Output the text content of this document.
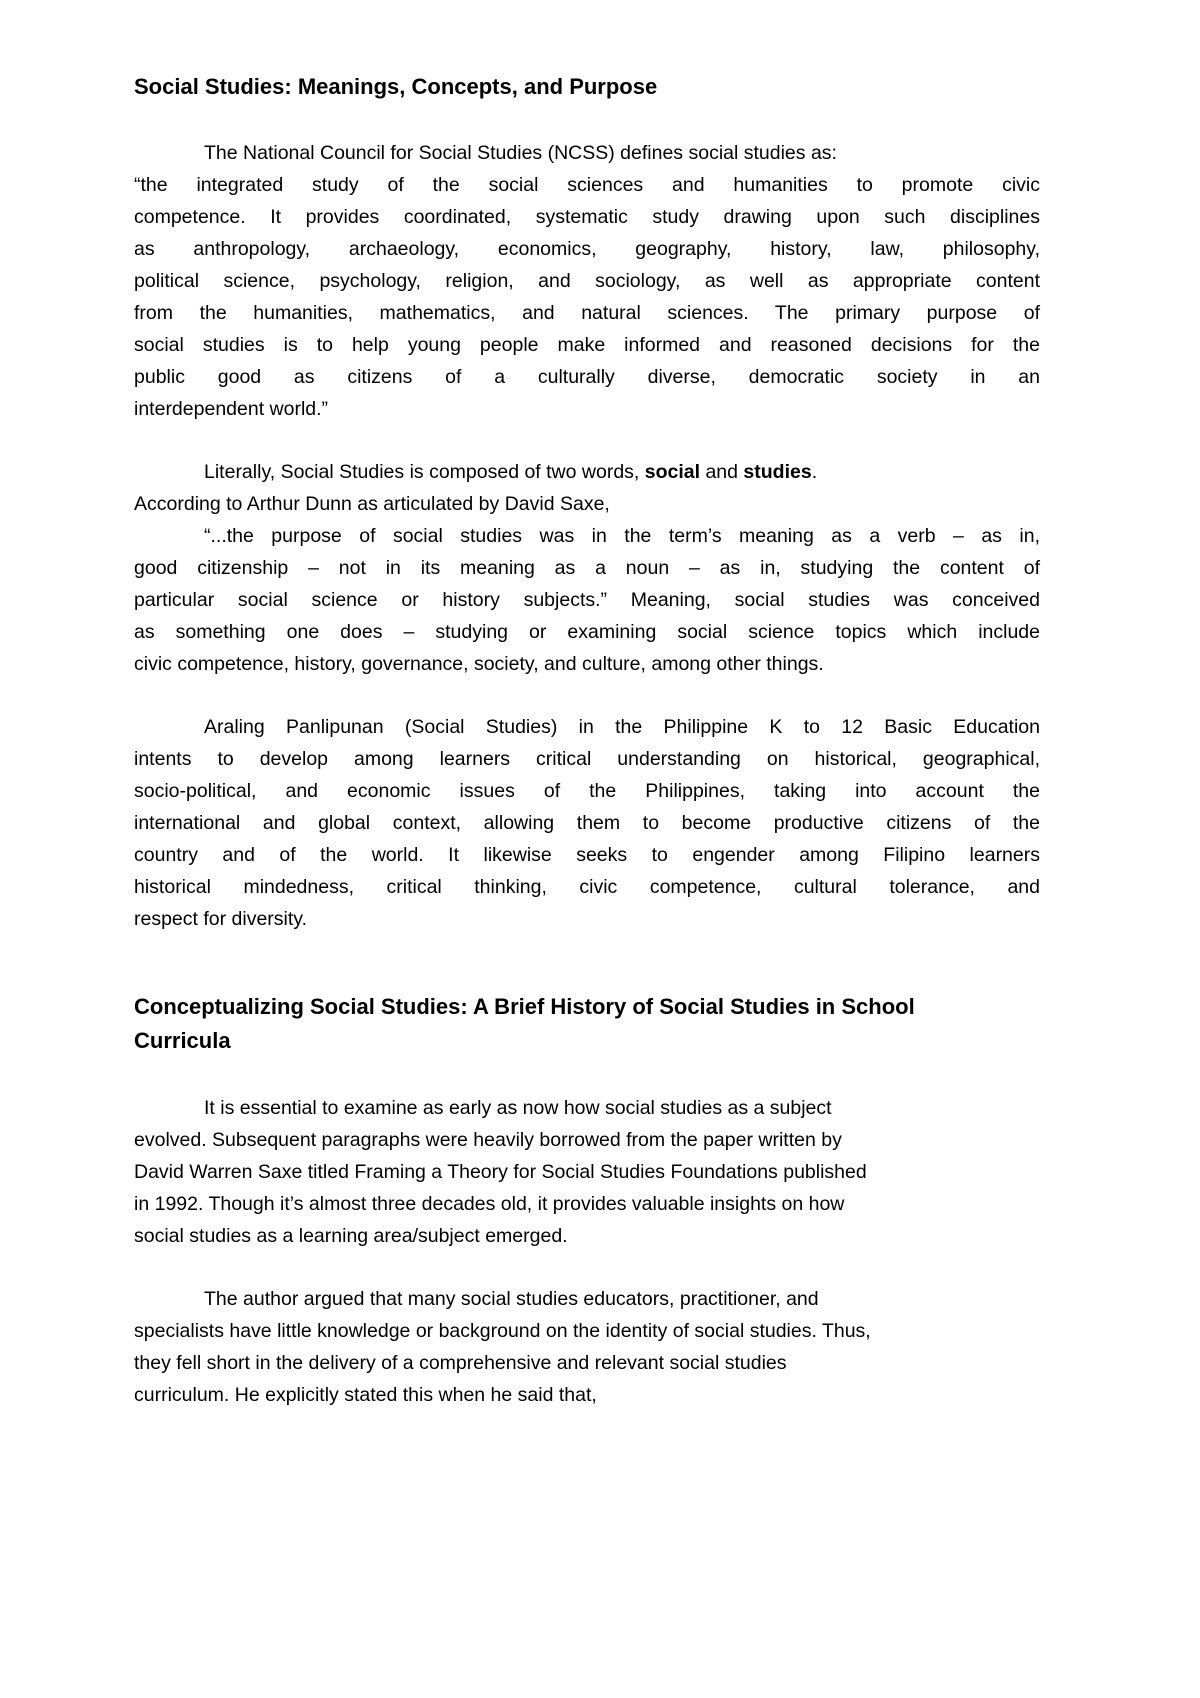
Social Studies: Meanings, Concepts, and Purpose
The National Council for Social Studies (NCSS) defines social studies as:
“the integrated study of the social sciences and humanities to promote civic
competence. It provides coordinated, systematic study drawing upon such disciplines
as anthropology, archaeology, economics, geography, history, law, philosophy,
political science, psychology, religion, and sociology, as well as appropriate content
from the humanities, mathematics, and natural sciences. The primary purpose of
social studies is to help young people make informed and reasoned decisions for the
public good as citizens of a culturally diverse, democratic society in an
interdependent world.”
Literally, Social Studies is composed of two words, social and studies.
According to Arthur Dunn as articulated by David Saxe,
“...the purpose of social studies was in the term’s meaning as a verb – as in,
good citizenship – not in its meaning as a noun – as in, studying the content of
particular social science or history subjects.” Meaning, social studies was conceived
as something one does – studying or examining social science topics which include
civic competence, history, governance, society, and culture, among other things.
Araling Panlipunan (Social Studies) in the Philippine K to 12 Basic Education
intents to develop among learners critical understanding on historical, geographical,
socio-political, and economic issues of the Philippines, taking into account the
international and global context, allowing them to become productive citizens of the
country and of the world. It likewise seeks to engender among Filipino learners
historical mindedness, critical thinking, civic competence, cultural tolerance, and
respect for diversity.
Conceptualizing Social Studies: A Brief History of Social Studies in School
Curricula
It is essential to examine as early as now how social studies as a subject
evolved. Subsequent paragraphs were heavily borrowed from the paper written by
David Warren Saxe titled Framing a Theory for Social Studies Foundations published
in 1992. Though it’s almost three decades old, it provides valuable insights on how
social studies as a learning area/subject emerged.
The author argued that many social studies educators, practitioner, and
specialists have little knowledge or background on the identity of social studies. Thus,
they fell short in the delivery of a comprehensive and relevant social studies
curriculum. He explicitly stated this when he said that,
